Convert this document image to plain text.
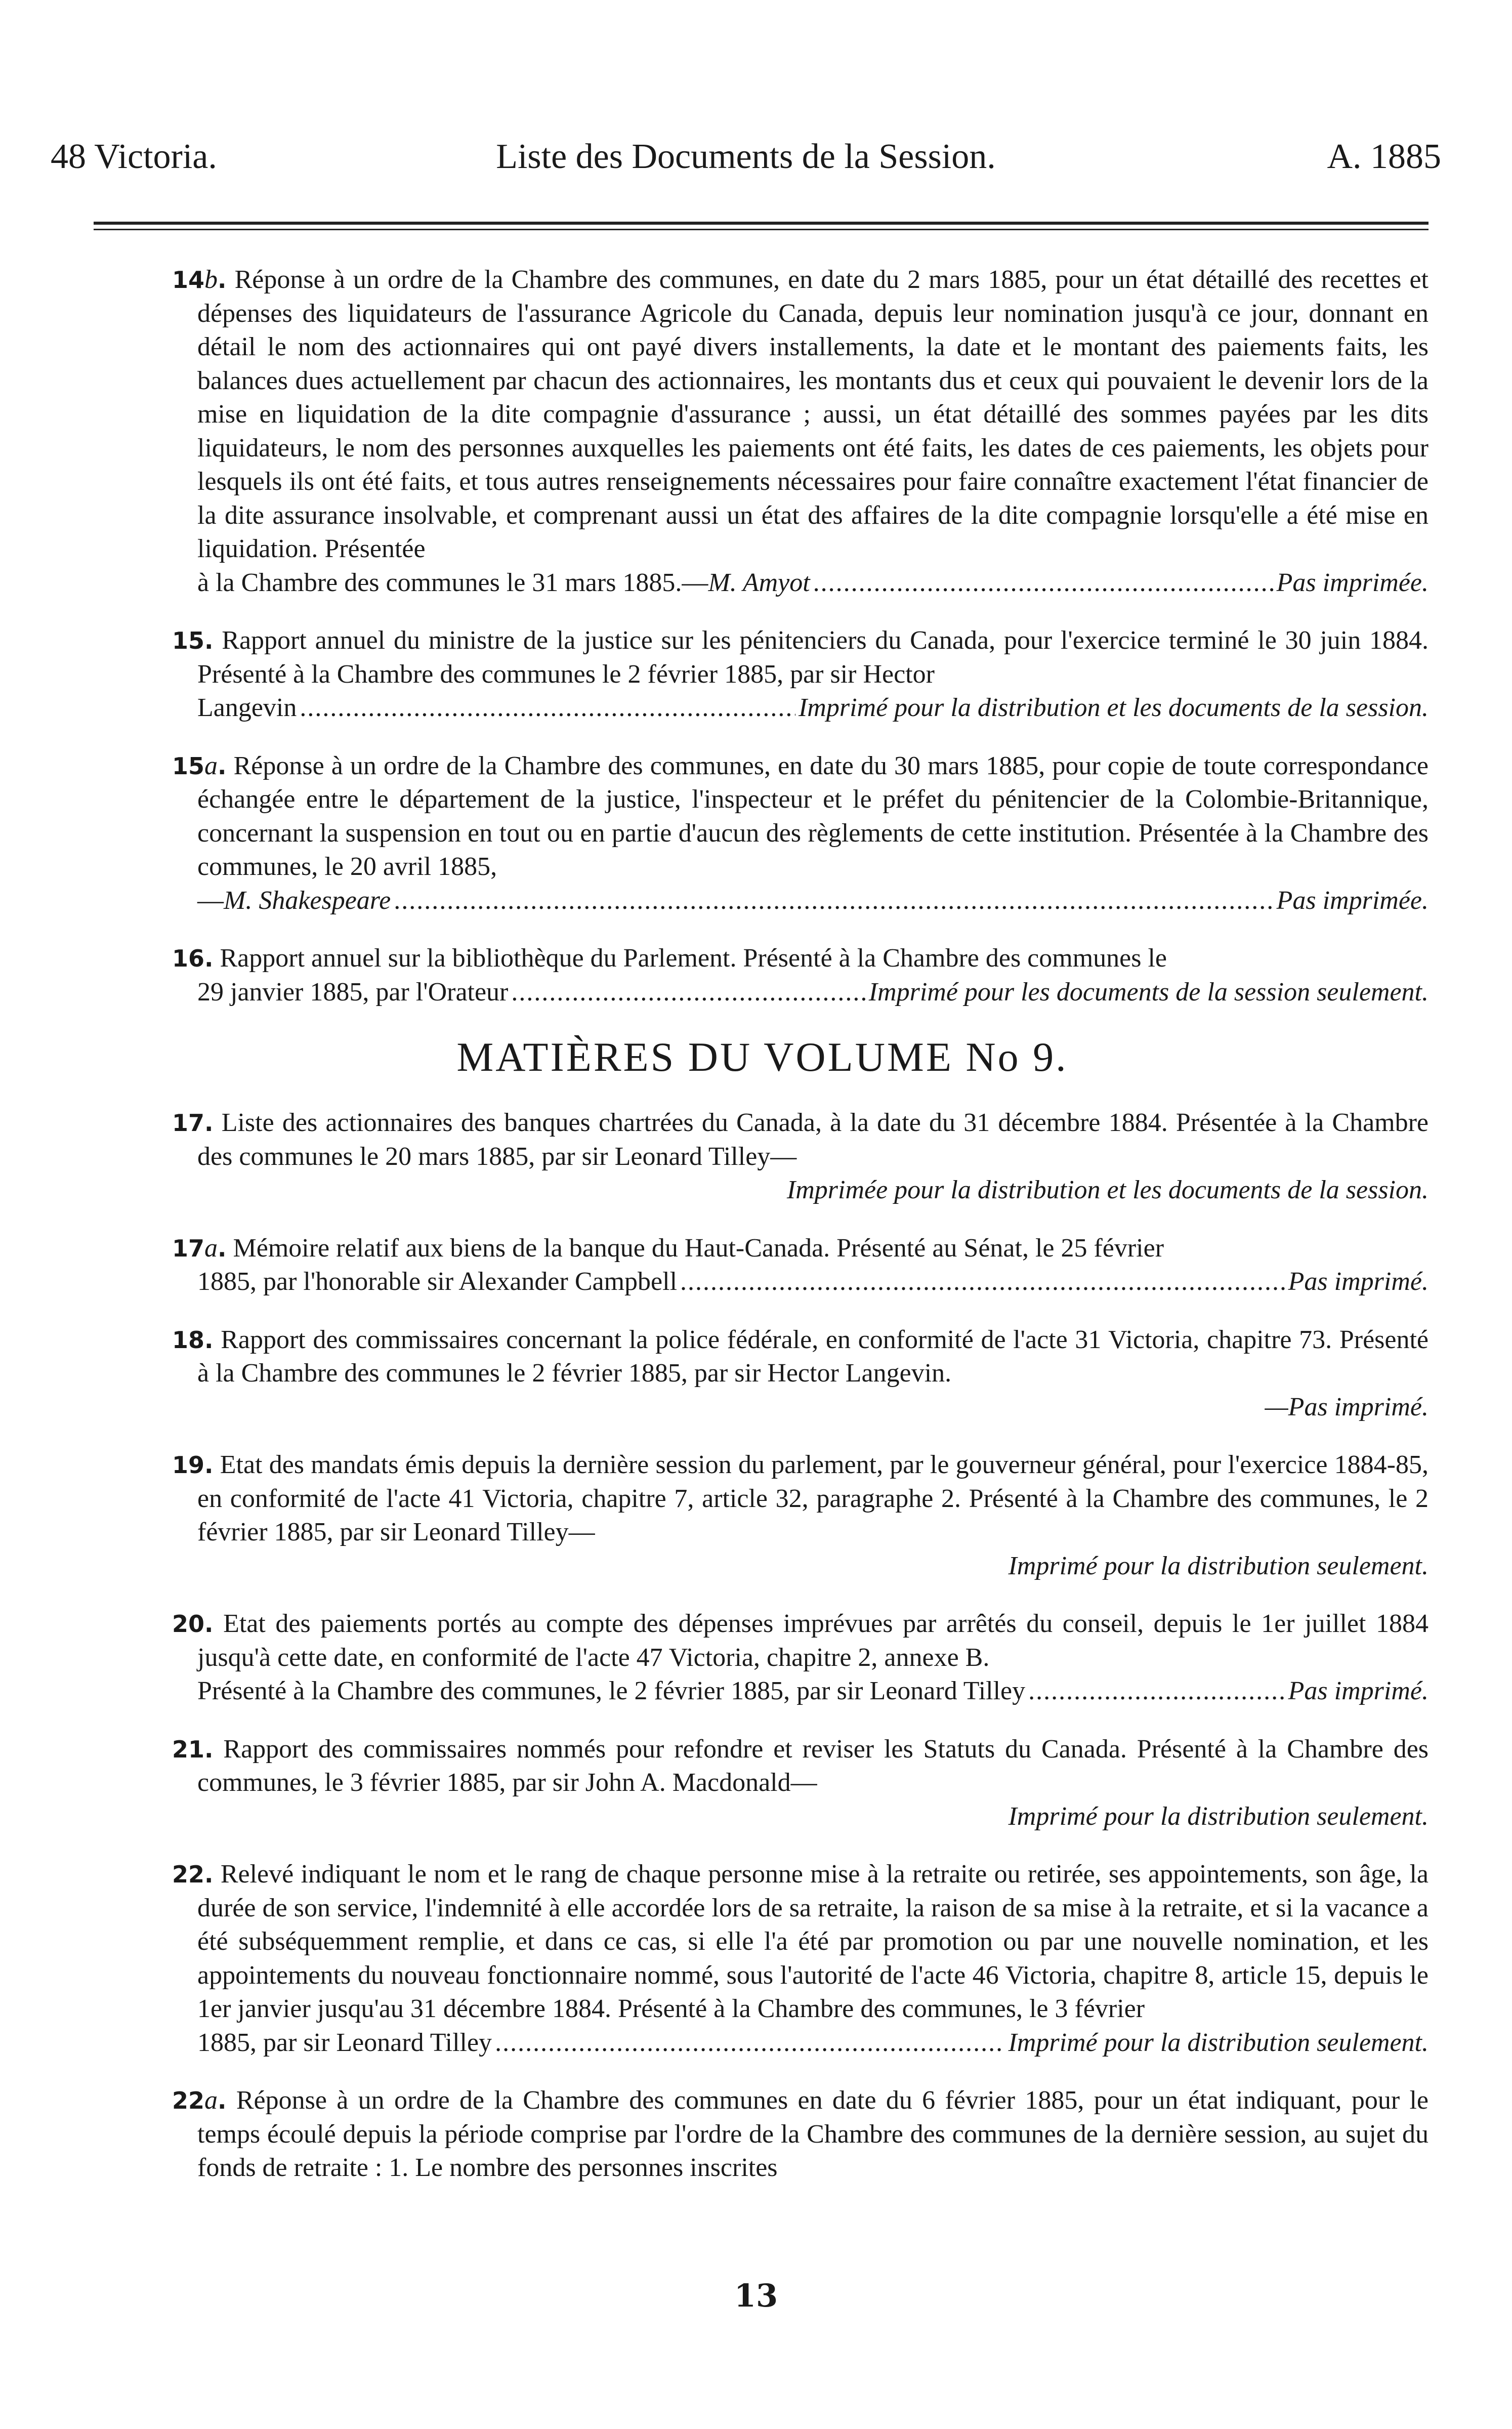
48 Victoria.	Liste des Documents de la Session.	A. 1885
14b. Réponse à un ordre de la Chambre des communes, en date du 2 mars 1885, pour un état détaillé des recettes et dépenses des liquidateurs de l'assurance Agricole du Canada, depuis leur nomination jusqu'à ce jour, donnant en détail le nom des actionnaires qui ont payé divers installements, la date et le montant des paiements faits, les balances dues actuellement par chacun des actionnaires, les montants dus et ceux qui pouvaient le devenir lors de la mise en liquidation de la dite compagnie d'assurance ; aussi, un état détaillé des sommes payées par les dits liquidateurs, le nom des personnes auxquelles les paiements ont été faits, les dates de ces paiements, les objets pour lesquels ils ont été faits, et tous autres renseignements nécessaires pour faire connaître exactement l'état financier de la dite assurance insolvable, et comprenant aussi un état des affaires de la dite compagnie lorsqu'elle a été mise en liquidation. Présentée
à la Chambre des communes le 31 mars 1885.—M. Amyot .....	Pas imprimée.
15. Rapport annuel du ministre de la justice sur les pénitenciers du Canada, pour l'exercice terminé le 30 juin 1884. Présenté à la Chambre des communes le 2 février 1885, par sir Hector
Langevin .....	Imprimé pour la distribution et les documents de la session.
15a. Réponse à un ordre de la Chambre des communes, en date du 30 mars 1885, pour copie de toute correspondance échangée entre le département de la justice, l'inspecteur et le préfet du pénitencier de la Colombie-Britannique, concernant la suspension en tout ou en partie d'aucun des règlements de cette institution. Présentée à la Chambre des communes, le 20 avril 1885,
—M. Shakespeare .....	Pas imprimée.
16. Rapport annuel sur la bibliothèque du Parlement. Présenté à la Chambre des communes le
29 janvier 1885, par l'Orateur .....	Imprimé pour les documents de la session seulement.
MATIÈRES DU VOLUME No 9.
17. Liste des actionnaires des banques chartrées du Canada, à la date du 31 décembre 1884. Présentée à la Chambre des communes le 20 mars 1885, par sir Leonard Tilley—
Imprimée pour la distribution et les documents de la session.
17a. Mémoire relatif aux biens de la banque du Haut-Canada. Présenté au Sénat, le 25 février
1885, par l'honorable sir Alexander Campbell .....	Pas imprimé.
18. Rapport des commissaires concernant la police fédérale, en conformité de l'acte 31 Victoria, chapitre 73. Présenté à la Chambre des communes le 2 février 1885, par sir Hector Langevin.
—Pas imprimé.
19. Etat des mandats émis depuis la dernière session du parlement, par le gouverneur général, pour l'exercice 1884-85, en conformité de l'acte 41 Victoria, chapitre 7, article 32, paragraphe 2. Présenté à la Chambre des communes, le 2 février 1885, par sir Leonard Tilley—
Imprimé pour la distribution seulement.
20. Etat des paiements portés au compte des dépenses imprévues par arrêtés du conseil, depuis le 1er juillet 1884 jusqu'à cette date, en conformité de l'acte 47 Victoria, chapitre 2, annexe B.
Présenté à la Chambre des communes, le 2 février 1885, par sir Leonard Tilley .....	Pas imprimé.
21. Rapport des commissaires nommés pour refondre et reviser les Statuts du Canada. Présenté à la Chambre des communes, le 3 février 1885, par sir John A. Macdonald—
Imprimé pour la distribution seulement.
22. Relevé indiquant le nom et le rang de chaque personne mise à la retraite ou retirée, ses appointements, son âge, la durée de son service, l'indemnité à elle accordée lors de sa retraite, la raison de sa mise à la retraite, et si la vacance a été subséquemment remplie, et dans ce cas, si elle l'a été par promotion ou par une nouvelle nomination, et les appointements du nouveau fonctionnaire nommé, sous l'autorité de l'acte 46 Victoria, chapitre 8, article 15, depuis le 1er janvier jusqu'au 31 décembre 1884. Présenté à la Chambre des communes, le 3 février
1885, par sir Leonard Tilley .....	Imprimé pour la distribution seulement.
22a. Réponse à un ordre de la Chambre des communes en date du 6 février 1885, pour un état indiquant, pour le temps écoulé depuis la période comprise par l'ordre de la Chambre des communes de la dernière session, au sujet du fonds de retraite : 1. Le nombre des personnes inscrites
13
